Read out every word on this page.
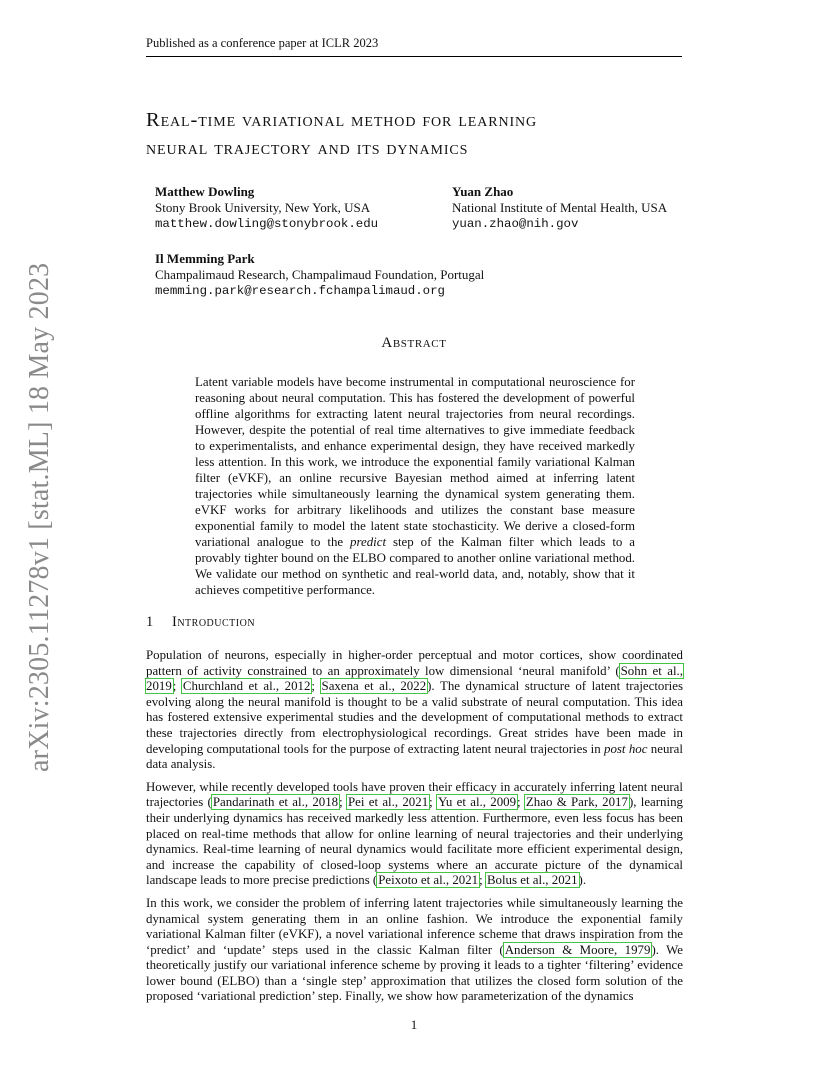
Published as a conference paper at ICLR 2023
arXiv:2305.11278v1 [stat.ML] 18 May 2023
Real-time variational method for learning
neural trajectory and its dynamics
Matthew Dowling
Stony Brook University, New York, USA
matthew.dowling@stonybrook.edu
Yuan Zhao
National Institute of Mental Health, USA
yuan.zhao@nih.gov
Il Memming Park
Champalimaud Research, Champalimaud Foundation, Portugal
memming.park@research.fchampalimaud.org
Abstract
Latent variable models have become instrumental in computational neuroscience for reasoning about neural computation. This has fostered the development of powerful offline algorithms for extracting latent neural trajectories from neural recordings. However, despite the potential of real time alternatives to give immediate feedback to experimentalists, and enhance experimental design, they have received markedly less attention. In this work, we introduce the exponential family variational Kalman filter (eVKF), an online recursive Bayesian method aimed at inferring latent trajectories while simultaneously learning the dynamical system generating them. eVKF works for arbitrary likelihoods and utilizes the constant base measure exponential family to model the latent state stochasticity. We derive a closed-form variational analogue to the predict step of the Kalman filter which leads to a provably tighter bound on the ELBO compared to another online variational method. We validate our method on synthetic and real-world data, and, notably, show that it achieves competitive performance.
1 Introduction

Population of neurons, especially in higher-order perceptual and motor cortices, show coordinated pattern of activity constrained to an approximately low dimensional ‘neural manifold’ (Sohn et al., 2019; Churchland et al., 2012; Saxena et al., 2022). The dynamical structure of latent trajectories evolving along the neural manifold is thought to be a valid substrate of neural computation. This idea has fostered extensive experimental studies and the development of computational methods to extract these trajectories directly from electrophysiological recordings. Great strides have been made in developing computational tools for the purpose of extracting latent neural trajectories in post hoc neural data analysis.

However, while recently developed tools have proven their efficacy in accurately inferring latent neural trajectories (Pandarinath et al., 2018; Pei et al., 2021; Yu et al., 2009; Zhao & Park, 2017), learning their underlying dynamics has received markedly less attention. Furthermore, even less focus has been placed on real-time methods that allow for online learning of neural trajectories and their underlying dynamics. Real-time learning of neural dynamics would facilitate more efficient experimental design, and increase the capability of closed-loop systems where an accurate picture of the dynamical landscape leads to more precise predictions (Peixoto et al., 2021; Bolus et al., 2021).

In this work, we consider the problem of inferring latent trajectories while simultaneously learning the dynamical system generating them in an online fashion. We introduce the exponential family variational Kalman filter (eVKF), a novel variational inference scheme that draws inspiration from the ‘predict’ and ‘update’ steps used in the classic Kalman filter (Anderson & Moore, 1979). We theoretically justify our variational inference scheme by proving it leads to a tighter ‘filtering’ evidence lower bound (ELBO) than a ‘single step’ approximation that utilizes the closed form solution of the proposed ‘variational prediction’ step. Finally, we show how parameterization of the dynamics

1
